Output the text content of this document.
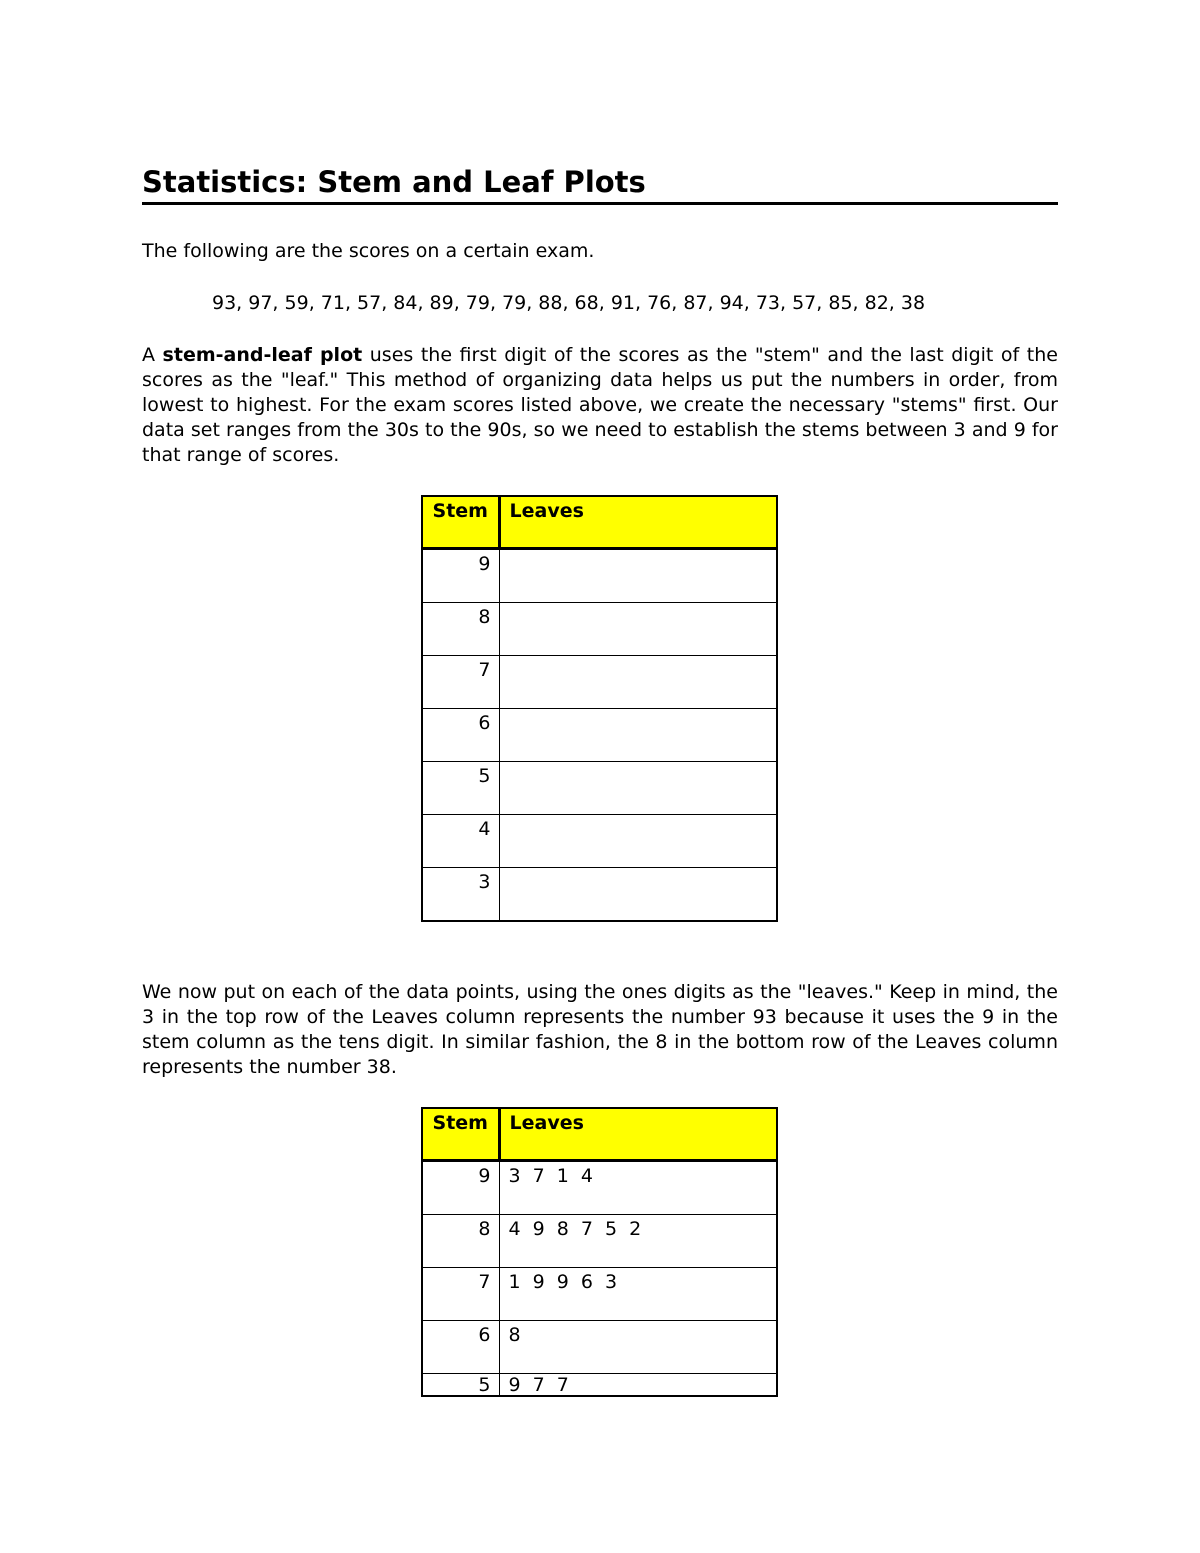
Statistics: Stem and Leaf Plots
The following are the scores on a certain exam.
93, 97, 59, 71, 57, 84, 89, 79, 79, 88, 68, 91, 76, 87, 94, 73, 57, 85, 82, 38
A stem-and-leaf plot uses the first digit of the scores as the "stem" and the last digit of the scores as the "leaf." This method of organizing data helps us put the numbers in order, from lowest to highest. For the exam scores listed above, we create the necessary "stems" first. Our data set ranges from the 30s to the 90s, so we need to establish the stems between 3 and 9 for that range of scores.
Stem	Leaves
9	
8	
7	
6	
5	
4	
3	
We now put on each of the data points, using the ones digits as the "leaves." Keep in mind, the 3 in the top row of the Leaves column represents the number 93 because it uses the 9 in the stem column as the tens digit. In similar fashion, the 8 in the bottom row of the Leaves column represents the number 38.
Stem	Leaves
9	3 7 1 4
8	4 9 8 7 5 2
7	1 9 9 6 3
6	8
5	9 7 7
